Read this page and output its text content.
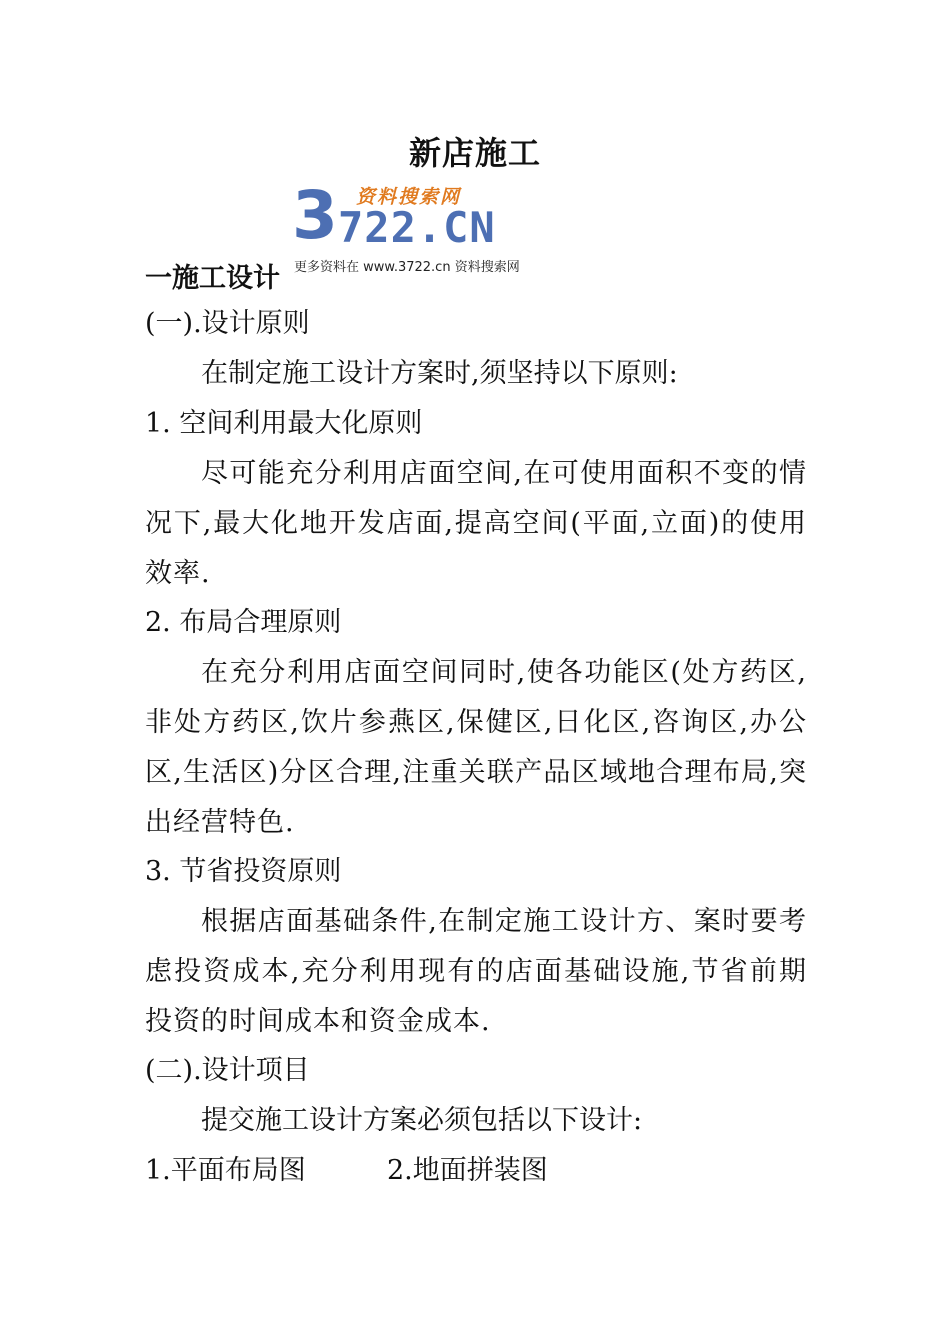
新店施工
3 722.CN
资料搜索网
更多资料在 www.3722.cn 资料搜索网
一施工设计
(一).设计原则
在制定施工设计方案时,须坚持以下原则:
1. 空间利用最大化原则
尽可能充分利用店面空间,在可使用面积不变的情况下,最大化地开发店面,提高空间(平面,立面)的使用效率.
2. 布局合理原则
在充分利用店面空间同时,使各功能区(处方药区,非处方药区,饮片参燕区,保健区,日化区,咨询区,办公区,生活区)分区合理,注重关联产品区域地合理布局,突出经营特色.
3. 节省投资原则
根据店面基础条件,在制定施工设计方、案时要考虑投资成本,充分利用现有的店面基础设施,节省前期投资的时间成本和资金成本.
(二).设计项目
提交施工设计方案必须包括以下设计:
1.平面布局图	2.地面拼装图
